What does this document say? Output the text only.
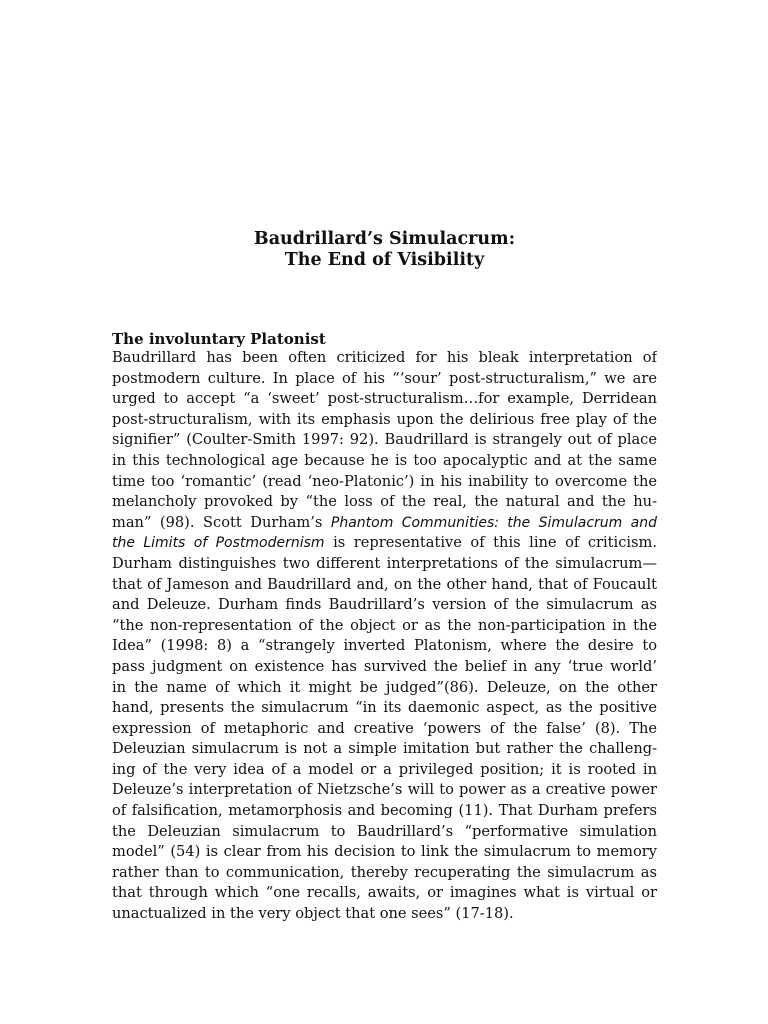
Baudrillard’s Simulacrum:
The End of Visibility
The involuntary Platonist
Baudrillard has been often criticized for his bleak interpretation of
postmodern culture. In place of his “‘sour’ post-structuralism,” we are
urged to accept “a ‘sweet’ post-structuralism…for example, Derridean
post-structuralism, with its emphasis upon the delirious free play of the
signifier” (Coulter-Smith 1997: 92). Baudrillard is strangely out of place
in this technological age because he is too apocalyptic and at the same
time too ‘romantic’ (read ‘neo-Platonic’) in his inability to overcome the
melancholy provoked by “the loss of the real, the natural and the hu-
man” (98). Scott Durham’s Phantom Communities: the Simulacrum and
the Limits of Postmodernism is representative of this line of criticism.
Durham distinguishes two different interpretations of the simulacrum—
that of Jameson and Baudrillard and, on the other hand, that of Foucault
and Deleuze. Durham finds Baudrillard’s version of the simulacrum as
“the non-representation of the object or as the non-participation in the
Idea” (1998: 8) a “strangely inverted Platonism, where the desire to
pass judgment on existence has survived the belief in any ‘true world’
in the name of which it might be judged”(86). Deleuze, on the other
hand, presents the simulacrum “in its daemonic aspect, as the positive
expression of metaphoric and creative ‘powers of the false’ (8). The
Deleuzian simulacrum is not a simple imitation but rather the challeng-
ing of the very idea of a model or a privileged position; it is rooted in
Deleuze’s interpretation of Nietzsche’s will to power as a creative power
of falsification, metamorphosis and becoming (11). That Durham prefers
the Deleuzian simulacrum to Baudrillard’s “performative simulation
model” (54) is clear from his decision to link the simulacrum to memory
rather than to communication, thereby recuperating the simulacrum as
that through which “one recalls, awaits, or imagines what is virtual or
unactualized in the very object that one sees” (17-18).
